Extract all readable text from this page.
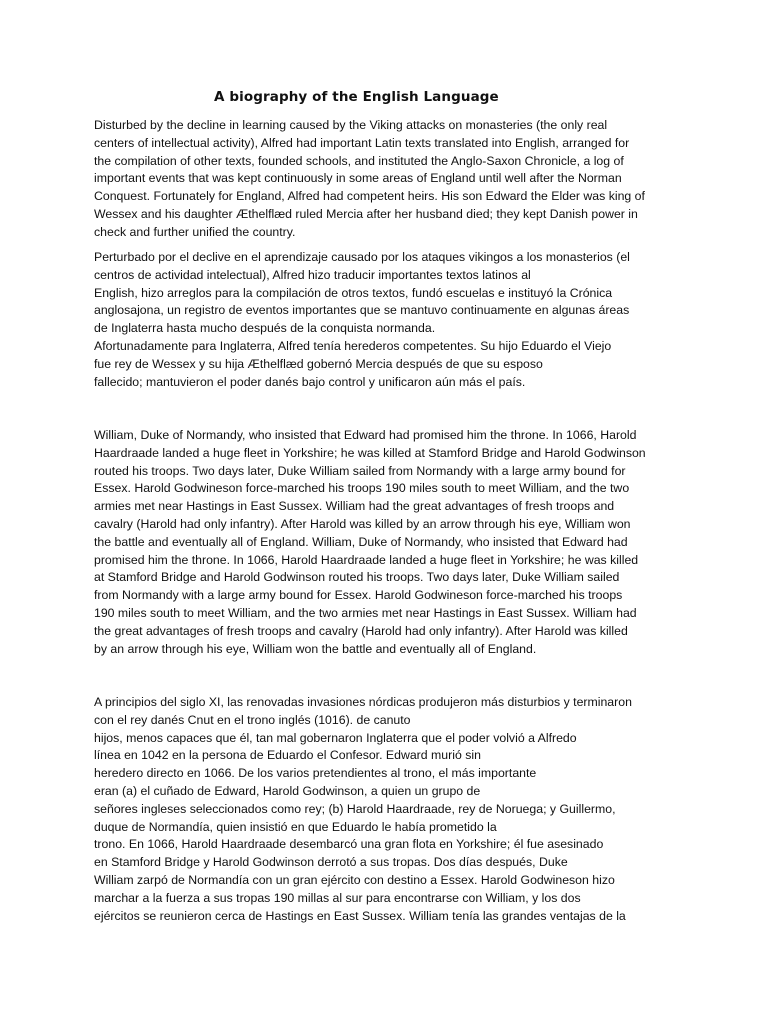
A biography of the English Language

Disturbed by the decline in learning caused by the Viking attacks on monasteries (the only real
centers of intellectual activity), Alfred had important Latin texts translated into English, arranged for
the compilation of other texts, founded schools, and instituted the Anglo-Saxon Chronicle, a log of
important events that was kept continuously in some areas of England until well after the Norman
Conquest. Fortunately for England, Alfred had competent heirs. His son Edward the Elder was king of
Wessex and his daughter Æthelflæd ruled Mercia after her husband died; they kept Danish power in
check and further unified the country.

Perturbado por el declive en el aprendizaje causado por los ataques vikingos a los monasterios (el
centros de actividad intelectual), Alfred hizo traducir importantes textos latinos al
English, hizo arreglos para la compilación de otros textos, fundó escuelas e instituyó la Crónica
anglosajona, un registro de eventos importantes que se mantuvo continuamente en algunas áreas
de Inglaterra hasta mucho después de la conquista normanda.
Afortunadamente para Inglaterra, Alfred tenía herederos competentes. Su hijo Eduardo el Viejo
fue rey de Wessex y su hija Æthelflæd gobernó Mercia después de que su esposo
fallecido; mantuvieron el poder danés bajo control y unificaron aún más el país.

William, Duke of Normandy, who insisted that Edward had promised him the throne. In 1066, Harold
Haardraade landed a huge fleet in Yorkshire; he was killed at Stamford Bridge and Harold Godwinson
routed his troops. Two days later, Duke William sailed from Normandy with a large army bound for
Essex. Harold Godwineson force-marched his troops 190 miles south to meet William, and the two
armies met near Hastings in East Sussex. William had the great advantages of fresh troops and
cavalry (Harold had only infantry). After Harold was killed by an arrow through his eye, William won
the battle and eventually all of England. William, Duke of Normandy, who insisted that Edward had
promised him the throne. In 1066, Harold Haardraade landed a huge fleet in Yorkshire; he was killed
at Stamford Bridge and Harold Godwinson routed his troops. Two days later, Duke William sailed
from Normandy with a large army bound for Essex. Harold Godwineson force-marched his troops
190 miles south to meet William, and the two armies met near Hastings in East Sussex. William had
the great advantages of fresh troops and cavalry (Harold had only infantry). After Harold was killed
by an arrow through his eye, William won the battle and eventually all of England.

A principios del siglo XI, las renovadas invasiones nórdicas produjeron más disturbios y terminaron
con el rey danés Cnut en el trono inglés (1016). de canuto
hijos, menos capaces que él, tan mal gobernaron Inglaterra que el poder volvió a Alfredo
línea en 1042 en la persona de Eduardo el Confesor. Edward murió sin
heredero directo en 1066. De los varios pretendientes al trono, el más importante
eran (a) el cuñado de Edward, Harold Godwinson, a quien un grupo de
señores ingleses seleccionados como rey; (b) Harold Haardraade, rey de Noruega; y Guillermo,
duque de Normandía, quien insistió en que Eduardo le había prometido la
trono. En 1066, Harold Haardraade desembarcó una gran flota en Yorkshire; él fue asesinado
en Stamford Bridge y Harold Godwinson derrotó a sus tropas. Dos días después, Duke
William zarpó de Normandía con un gran ejército con destino a Essex. Harold Godwineson hizo
marchar a la fuerza a sus tropas 190 millas al sur para encontrarse con William, y los dos
ejércitos se reunieron cerca de Hastings en East Sussex. William tenía las grandes ventajas de la
